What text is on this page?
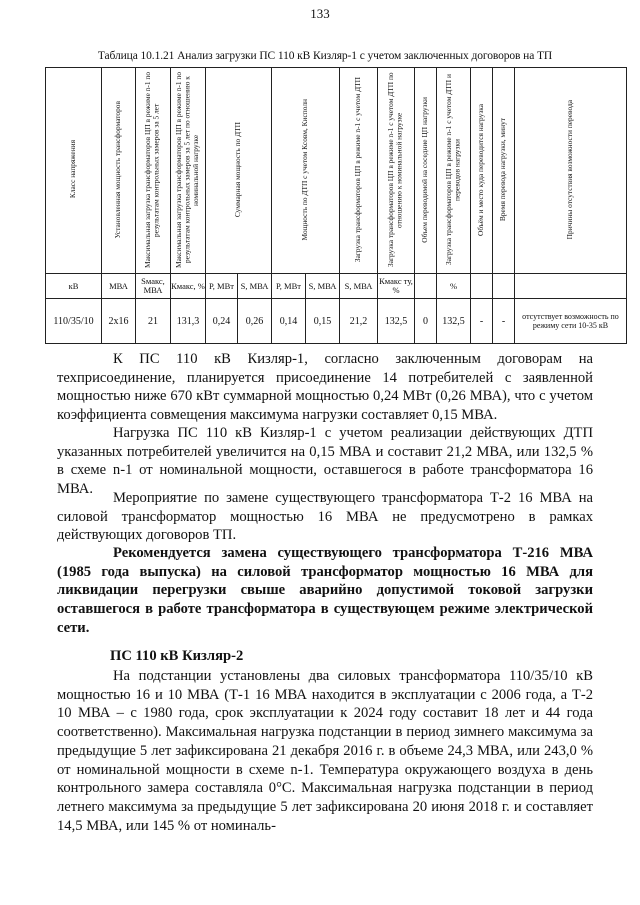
133
Таблица 10.1.21 Анализ загрузки ПС 110 кВ Кизляр-1 с учетом заключенных договоров на ТП
Класс напряжения	Установленная мощность трансформаторов	Максимальная загрузка трансформаторов ЦП в режиме n-1 по результатам контрольных замеров за 5 лет	Максимальная загрузка трансформаторов ЦП в режиме n-1 по результатам контрольных замеров за 5 лет по отношению к номинальной нагрузке	Суммарная мощность по ДТП		Мощность по ДТП с учетом Ксовм, Кисполн		Загрузка трансформаторов ЦП в режиме n-1 с учетом ДТП	Загрузка трансформаторов ЦП в режиме n-1 с учетом ДТП по отношению к номинальной нагрузке	Объем переводимой на соседние ЦП нагрузки	Загрузка трансформаторов ЦП в режиме n-1 с учетом ДТП и переводов нагрузки	Объём и место куда переводится нагрузка	Время перевода нагрузки, минут	Причины отсутствия возможности перевода
кВ	МВА	Sмакс, МВА	Кмакс, %	P, МВт	S, МВА	P, МВт	S, МВА	S, МВА	Кмакс ту, %		%			
110/35/10	2x16	21	131,3	0,24	0,26	0,14	0,15	21,2	132,5	0	132,5	-	-	отсутствует возможность по режиму сети 10-35 кВ

К ПС 110 кВ Кизляр-1, согласно заключенным договорам на техприсоединение, планируется присоединение 14 потребителей с заявленной мощностью ниже 670 кВт суммарной мощностью 0,24 МВт (0,26 МВА), что с учетом коэффициента совмещения максимума нагрузки составляет 0,15 МВА.

Нагрузка ПС 110 кВ Кизляр-1 с учетом реализации действующих ДТП указанных потребителей увеличится на 0,15 МВА и составит 21,2 МВА, или 132,5 % в схеме n-1 от номинальной мощности, оставшегося в работе трансформатора 16 МВА.

Мероприятие по замене существующего трансформатора Т-2 16 МВА на силовой трансформатор мощностью 16 МВА не предусмотрено в рамках действующих договоров ТП.

Рекомендуется замена существующего трансформатора Т-216 МВА (1985 года выпуска) на силовой трансформатор мощностью 16 МВА для ликвидации перегрузки свыше аварийно допустимой токовой загрузки оставшегося в работе трансформатора в существующем режиме электрической сети.

ПС 110 кВ Кизляр-2

На подстанции установлены два силовых трансформатора 110/35/10 кВ мощностью 16 и 10 МВА (Т-1 16 МВА находится в эксплуатации с 2006 года, а Т-2 10 МВА – с 1980 года, срок эксплуатации к 2024 году составит 18 лет и 44 года соответственно). Максимальная нагрузка подстанции в период зимнего максимума за предыдущие 5 лет зафиксирована 21 декабря 2016 г. в объеме 24,3 МВА, или 243,0 % от номинальной мощности в схеме n-1. Температура окружающего воздуха в день контрольного замера составляла 0°С. Максимальная нагрузка подстанции в период летнего максимума за предыдущие 5 лет зафиксирована 20 июня 2018 г. и составляет 14,5 МВА, или 145 % от номиналь-
